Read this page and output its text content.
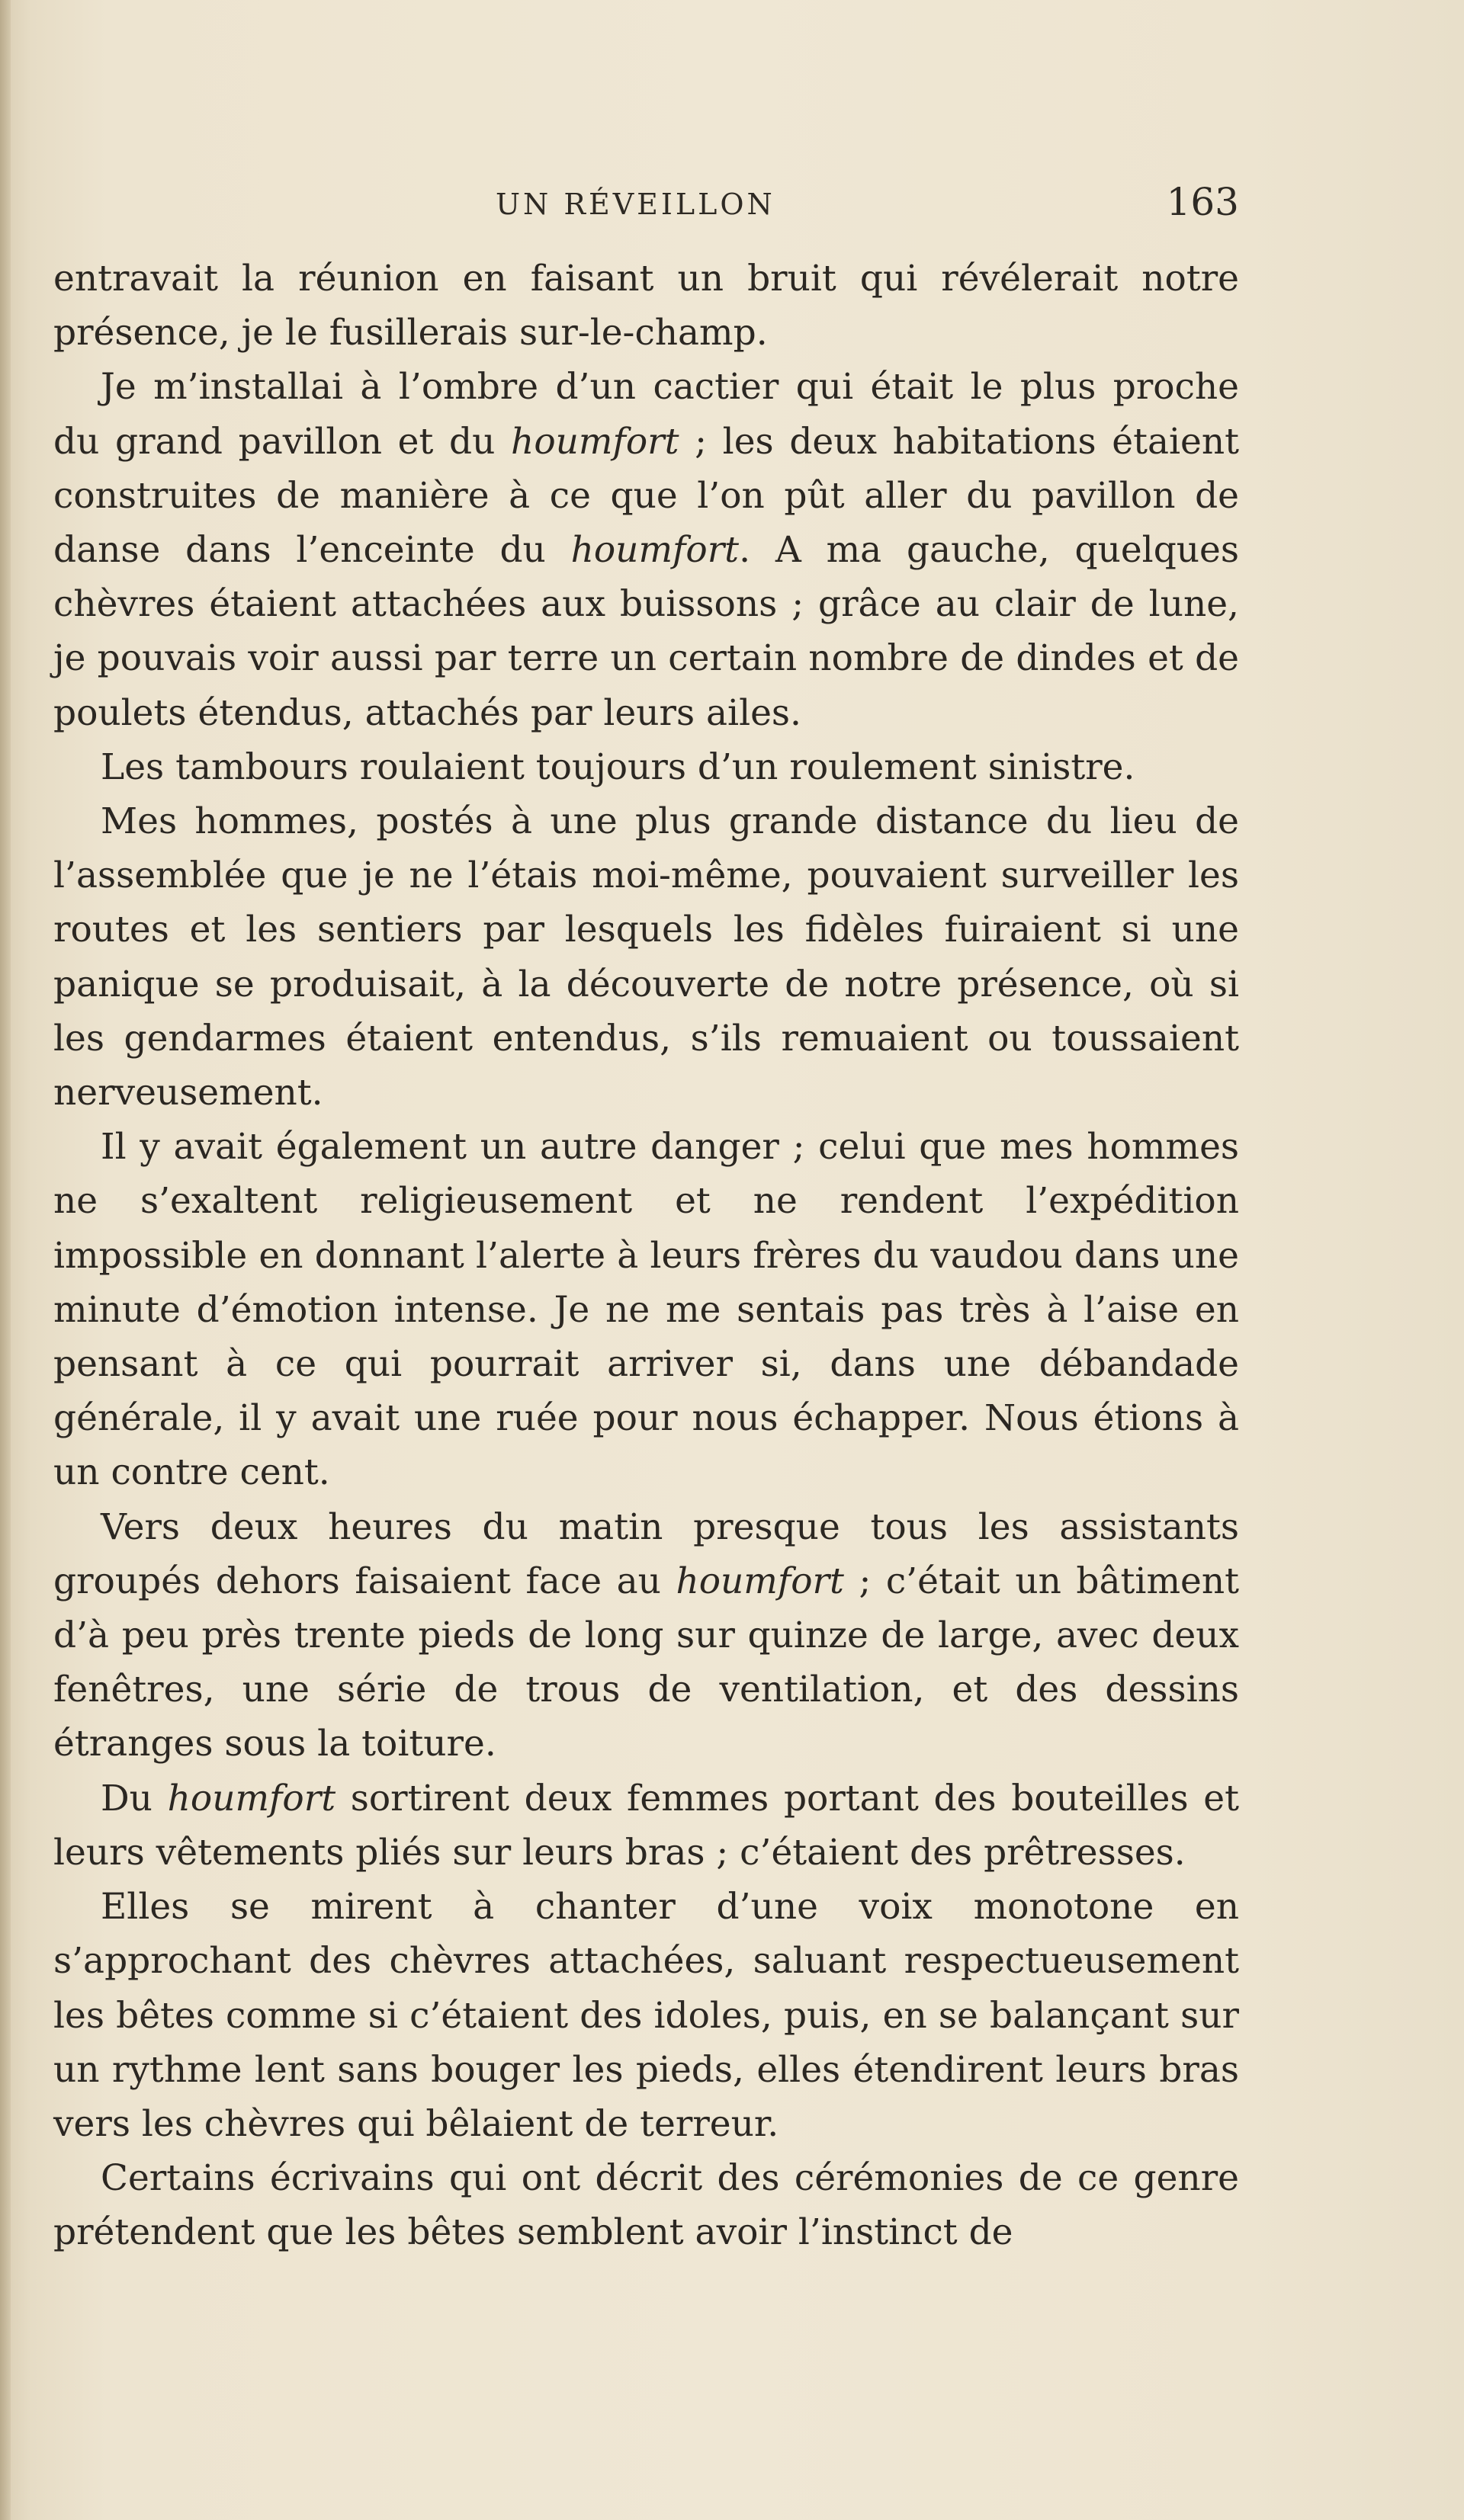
UN RÉVEILLON	163

entravait la réunion en faisant un bruit qui révélerait notre présence, je le fusillerais sur-le-champ.

Je m’installai à l’ombre d’un cactier qui était le plus proche du grand pavillon et du houmfort ; les deux habitations étaient construites de manière à ce que l’on pût aller du pavillon de danse dans l’enceinte du houmfort. A ma gauche, quelques chèvres étaient attachées aux buissons ; grâce au clair de lune, je pouvais voir aussi par terre un certain nombre de dindes et de poulets étendus, attachés par leurs ailes.

Les tambours roulaient toujours d’un roulement sinistre.

Mes hommes, postés à une plus grande distance du lieu de l’assemblée que je ne l’étais moi-même, pouvaient surveiller les routes et les sentiers par lesquels les fidèles fuiraient si une panique se produisait, à la découverte de notre présence, où si les gendarmes étaient entendus, s’ils remuaient ou toussaient nerveusement.

Il y avait également un autre danger ; celui que mes hommes ne s’exaltent religieusement et ne rendent l’expédition impossible en donnant l’alerte à leurs frères du vaudou dans une minute d’émotion intense. Je ne me sentais pas très à l’aise en pensant à ce qui pourrait arriver si, dans une débandade générale, il y avait une ruée pour nous échapper. Nous étions à un contre cent.

Vers deux heures du matin presque tous les assistants groupés dehors faisaient face au houmfort ; c’était un bâtiment d’à peu près trente pieds de long sur quinze de large, avec deux fenêtres, une série de trous de ventilation, et des dessins étranges sous la toiture.

Du houmfort sortirent deux femmes portant des bouteilles et leurs vêtements pliés sur leurs bras ; c’étaient des prêtresses.

Elles se mirent à chanter d’une voix monotone en s’approchant des chèvres attachées, saluant respectueusement les bêtes comme si c’étaient des idoles, puis, en se balançant sur un rythme lent sans bouger les pieds, elles étendirent leurs bras vers les chèvres qui bêlaient de terreur.

Certains écrivains qui ont décrit des cérémonies de ce genre prétendent que les bêtes semblent avoir l’instinct de
